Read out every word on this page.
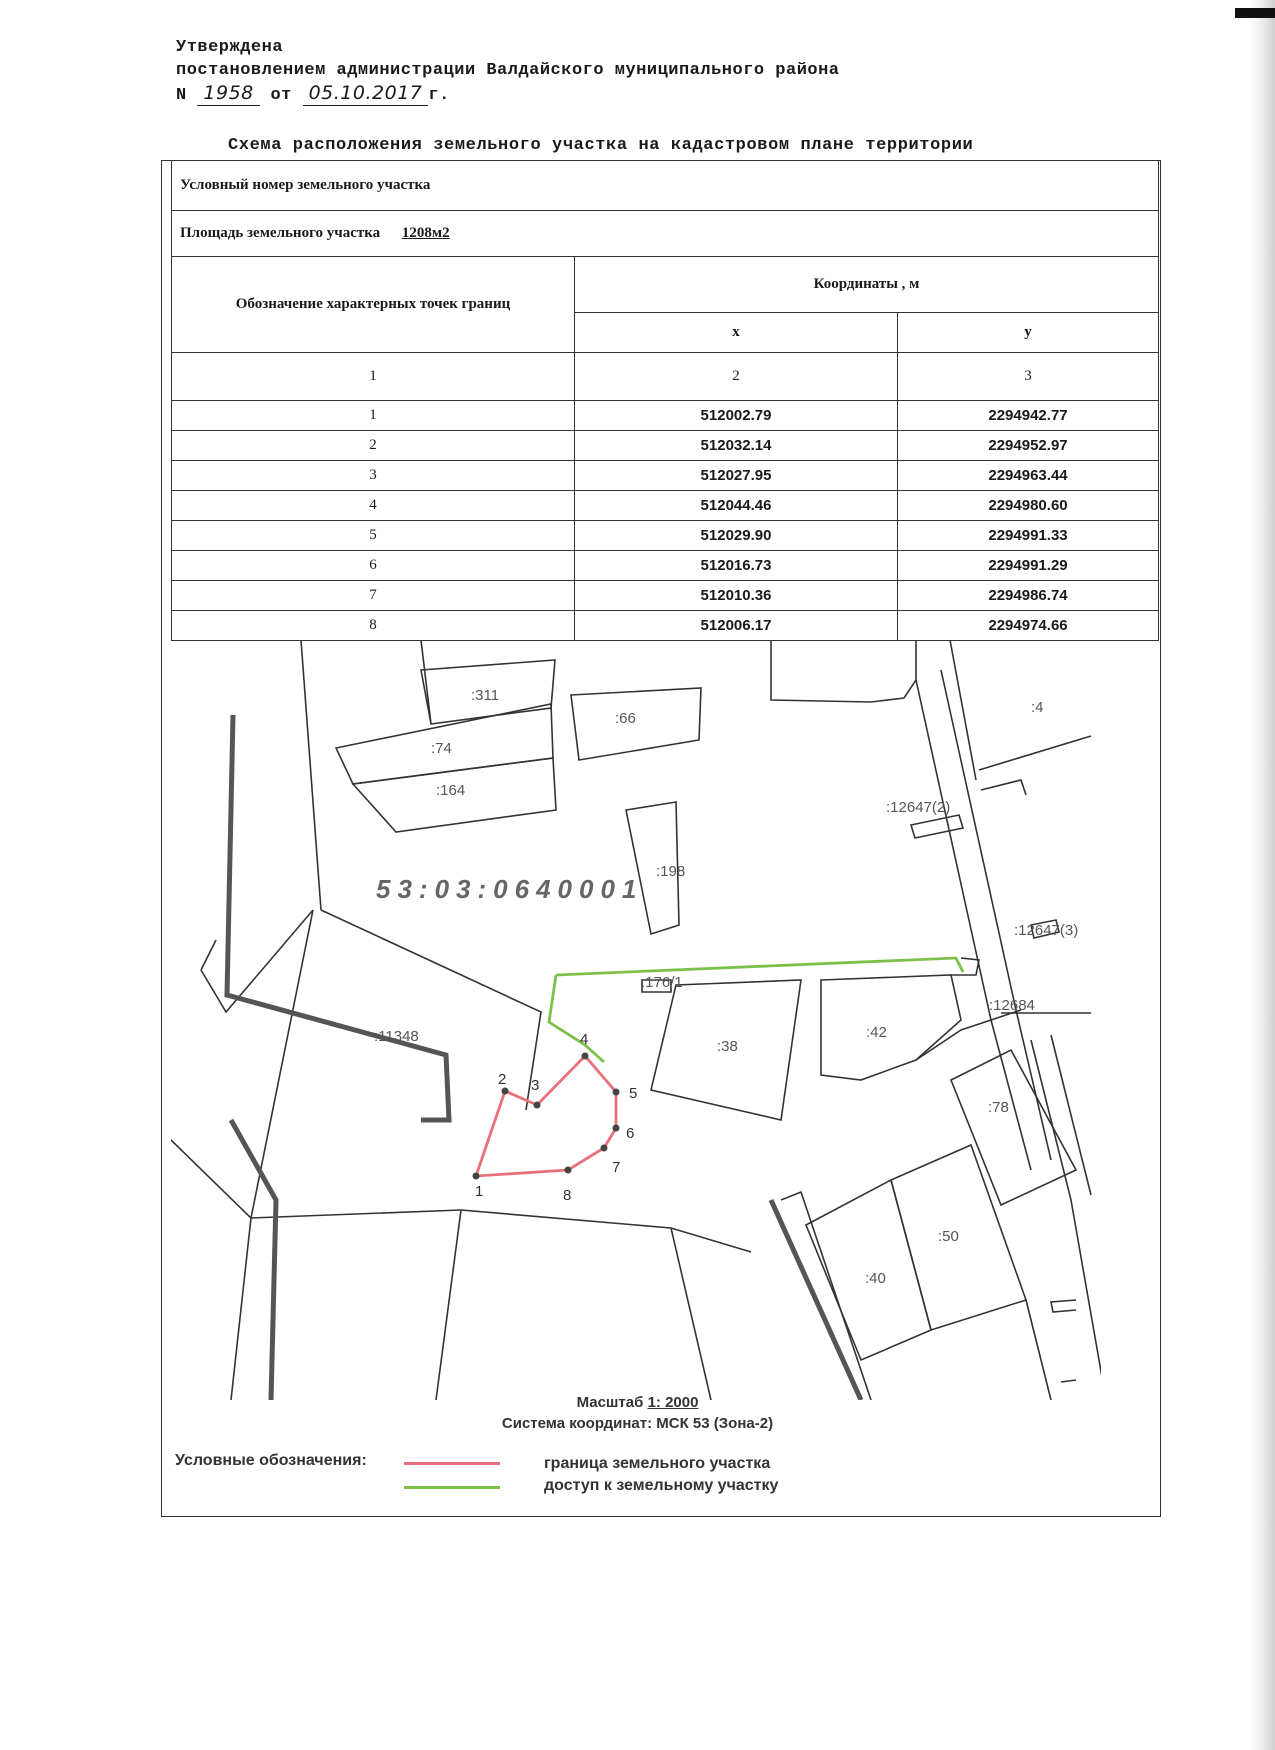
Утверждена
постановлением администрации Валдайского муниципального района
N 1958 от 05.10.2017 г.
Схема расположения земельного участка на кадастровом плане территории
Условный номер земельного участка		
Площадь земельного участка 1208м2		
Обозначение характерных точек границ	Координаты , м	
	x	y
1	2	3
1	512002.79	2294942.77
2	512032.14	2294952.97
3	512027.95	2294963.44
4	512044.46	2294980.60
5	512029.90	2294991.33
6	512016.73	2294991.29
7	512010.36	2294986.74
8	512006.17	2294974.66
:311
:66
:74
:164
:4
:12647(2)
:198
:12647(3)
:176/1
:12684
:11348
:38
:42
:78
:50
:40
53:03:0640001
1
2 3
4
5
6
7
8
Масштаб 1: 2000
Система координат: МСК 53 (Зона-2)
Условные обозначения:	граница земельного участка
доступ к земельному участку
